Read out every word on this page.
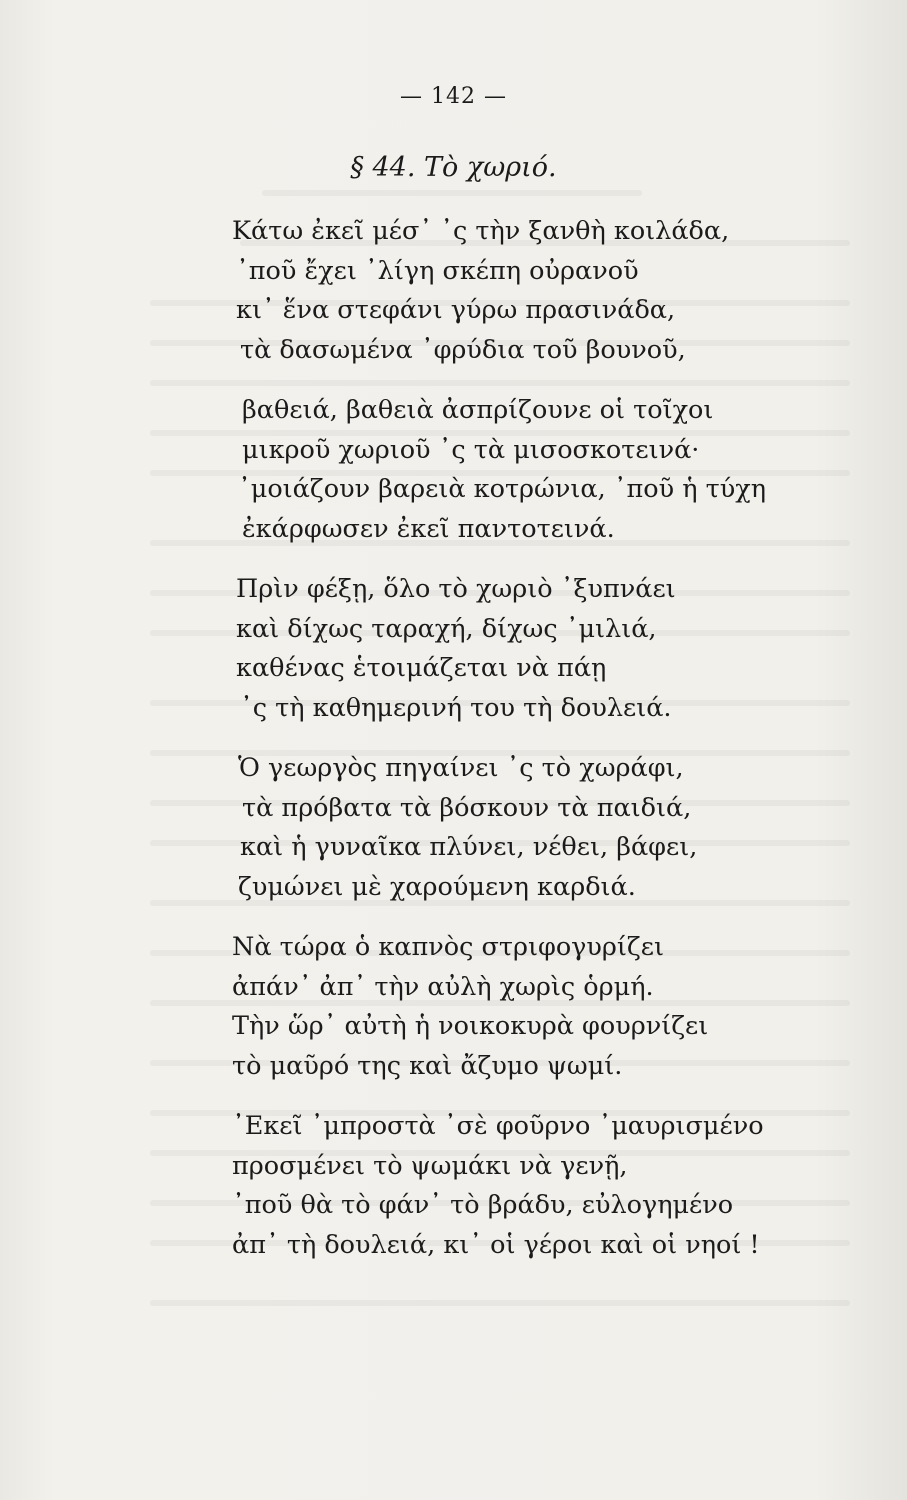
— 142 —
§ 44. Τὸ χωριό.
Κάτω ἐκεῖ μέσ᾿ ᾿ς τὴν ξανθὴ κοιλάδα,
᾿ποῦ ἔχει ᾿λίγη σκέπη οὐρανοῦ
κι᾿ ἕνα στεφάνι γύρω πρασινάδα,
τὰ δασωμένα ᾿φρύδια τοῦ βουνοῦ,
βαθειά, βαθειὰ ἀσπρίζουνε οἱ τοῖχοι
μικροῦ χωριοῦ ᾿ς τὰ μισοσκοτεινά·
᾿μοιάζουν βαρειὰ κοτρώνια, ᾿ποῦ ἡ τύχη
ἐκάρφωσεν ἐκεῖ παντοτεινά.
Πρὶν φέξῃ, ὅλο τὸ χωριὸ ᾿ξυπνάει
καὶ δίχως ταραχή, δίχως ᾿μιλιά,
καθένας ἑτοιμάζεται νὰ πάῃ
᾿ς τὴ καθημερινή του τὴ δουλειά.
Ὁ γεωργὸς πηγαίνει ᾿ς τὸ χωράφι,
τὰ πρόβατα τὰ βόσκουν τὰ παιδιά,
καὶ ἡ γυναῖκα πλύνει, νέθει, βάφει,
ζυμώνει μὲ χαρούμενη καρδιά.
Νὰ τώρα ὁ καπνὸς στριφογυρίζει
ἀπάν᾿ ἀπ᾿ τὴν αὐλὴ χωρὶς ὁρμή.
Τὴν ὥρ᾿ αὐτὴ ἡ νοικοκυρὰ φουρνίζει
τὸ μαῦρό της καὶ ἄζυμο ψωμί.
᾿Εκεῖ ᾿μπροστὰ ᾿σὲ φοῦρνο ᾿μαυρισμένο
προσμένει τὸ ψωμάκι νὰ γενῇ,
᾿ποῦ θὰ τὸ φάν᾿ τὸ βράδυ, εὐλογημένο
ἀπ᾿ τὴ δουλειά, κι᾿ οἱ γέροι καὶ οἱ νηοί !
